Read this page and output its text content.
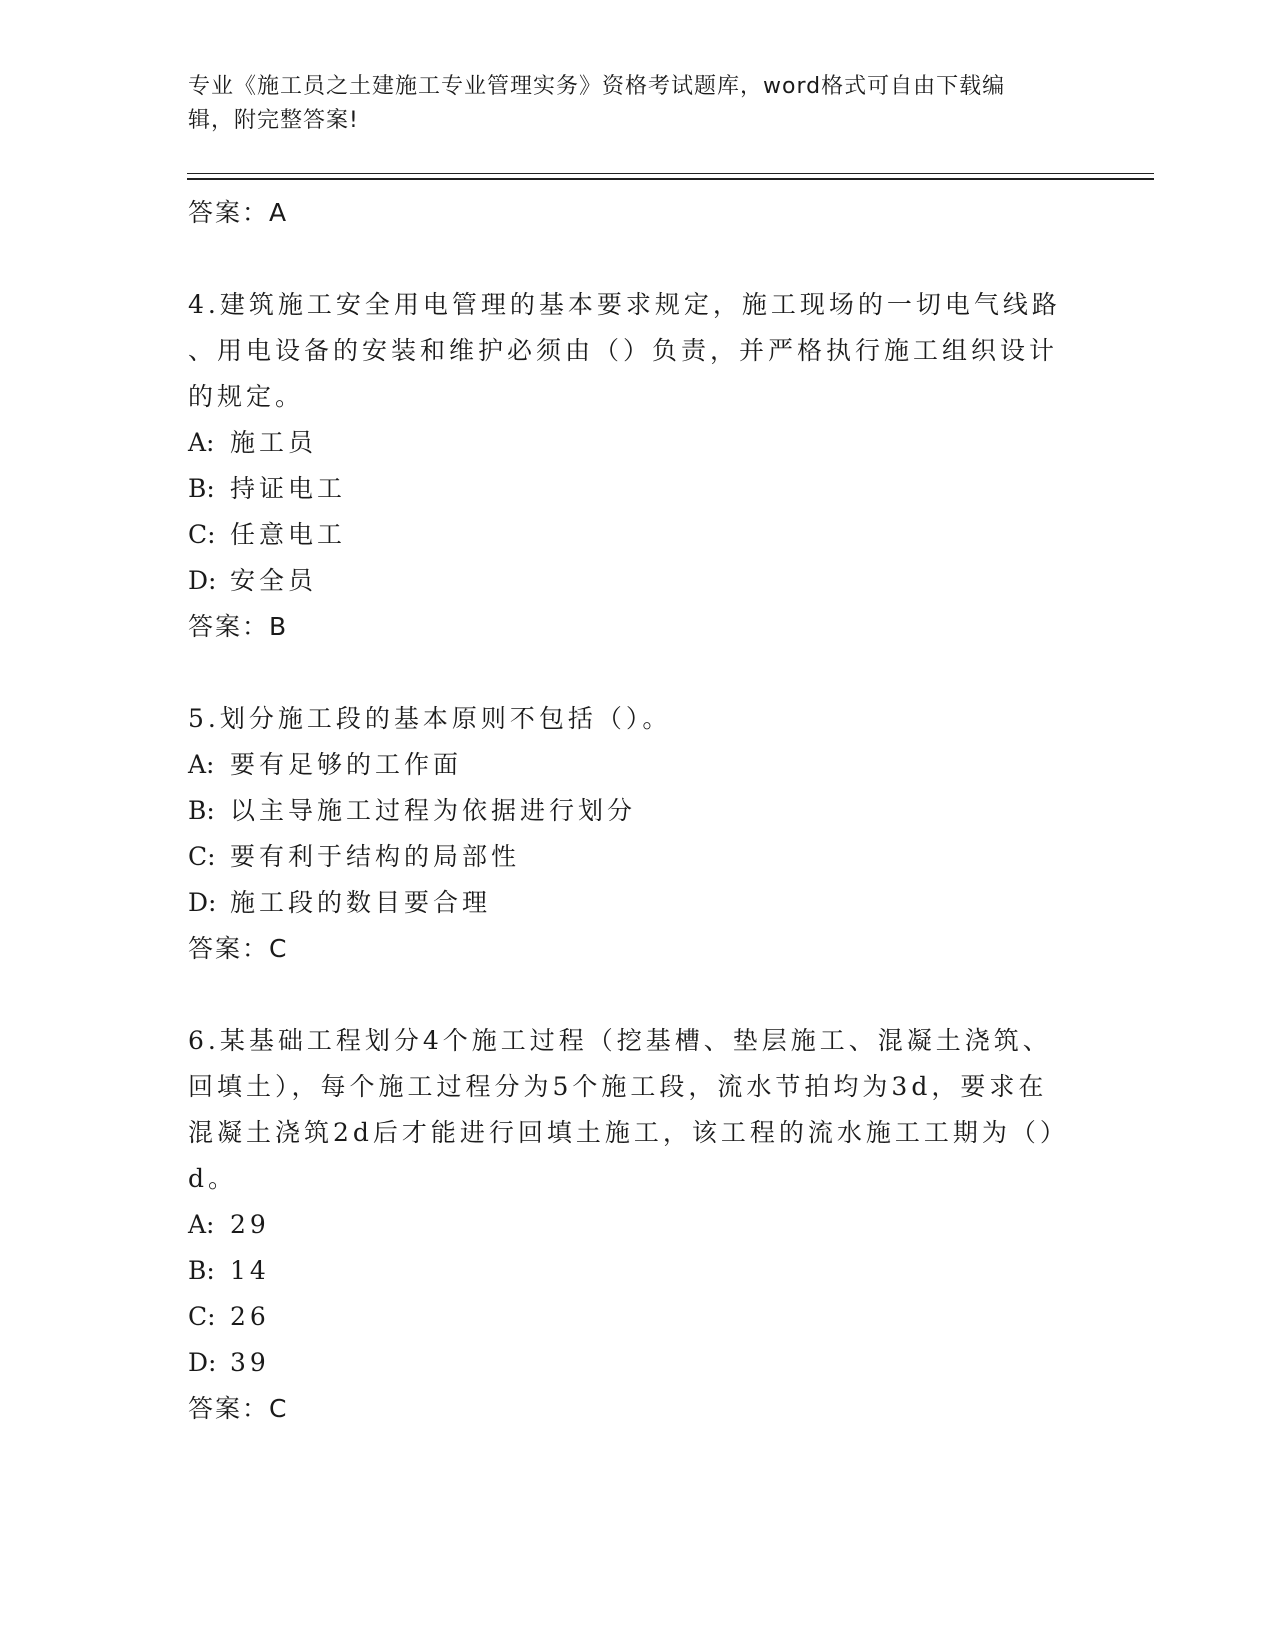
专业《施工员之土建施工专业管理实务》资格考试题库，word格式可自由下载编
辑，附完整答案!

答案：A

4.建筑施工安全用电管理的基本要求规定，施工现场的一切电气线路

、用电设备的安装和维护必须由（）负责，并严格执行施工组织设计

的规定。

A: 施工员

B: 持证电工

C: 任意电工

D: 安全员

答案：B

5.划分施工段的基本原则不包括（）。

A: 要有足够的工作面

B: 以主导施工过程为依据进行划分

C: 要有利于结构的局部性

D: 施工段的数目要合理

答案：C

6.某基础工程划分4个施工过程（挖基槽、垫层施工、混凝土浇筑、

回填土），每个施工过程分为5个施工段，流水节拍均为3d，要求在

混凝土浇筑2d后才能进行回填土施工，该工程的流水施工工期为（）

d。

A: 29

B: 14

C: 26

D: 39

答案：C
